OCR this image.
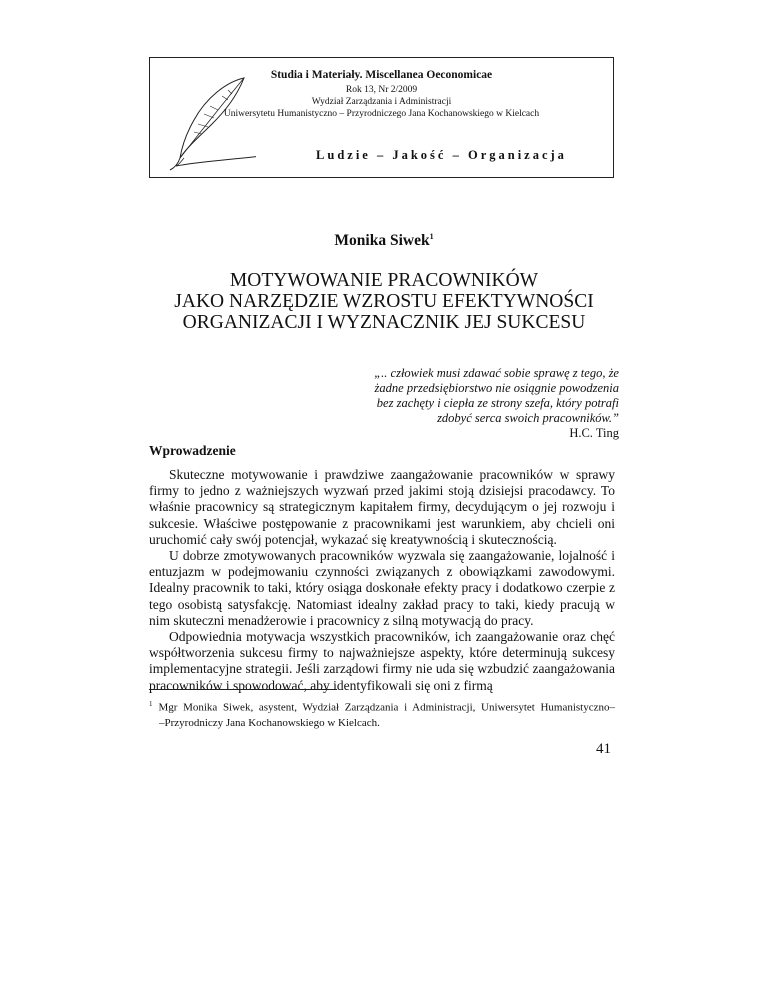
Studia i Materiały. Miscellanea Oeconomicae
Rok 13, Nr 2/2009
Wydział Zarządzania i Administracji
Uniwersytetu Humanistyczno – Przyrodniczego Jana Kochanowskiego w Kielcach
Ludzie – Jakość – Organizacja
Monika Siwek$^1$
MOTYWOWANIE PRACOWNIKÓW
JAKO NARZĘDZIE WZROSTU EFEKTYWNOŚCI
ORGANIZACJI I WYZNACZNIK JEJ SUKCESU
„.. człowiek musi zdawać sobie sprawę z tego, że
żadne przedsiębiorstwo nie osiągnie powodzenia
bez zachęty i ciepła ze strony szefa, który potrafi
zdobyć serca swoich pracowników.”
H.C. Ting
Wprowadzenie

Skuteczne motywowanie i prawdziwe zaangażowanie pracowników w sprawy firmy to jedno z ważniejszych wyzwań przed jakimi stoją dzisiejsi pracodawcy. To właśnie pracownicy są strategicznym kapitałem firmy, decydującym o jej rozwoju i sukcesie. Właściwe postępowanie z pracownikami jest warunkiem, aby chcieli oni uruchomić cały swój potencjał, wykazać się kreatywnością i skutecznością.

U dobrze zmotywowanych pracowników wyzwala się zaangażowanie, lojalność i entuzjazm w podejmowaniu czynności związanych z obowiązkami zawodowymi. Idealny pracownik to taki, który osiąga doskonałe efekty pracy i dodatkowo czerpie z tego osobistą satysfakcję. Natomiast idealny zakład pracy to taki, kiedy pracują w nim skuteczni menadżerowie i pracownicy z silną motywacją do pracy.

Odpowiednia motywacja wszystkich pracowników, ich zaangażowanie oraz chęć współtworzenia sukcesu firmy to najważniejsze aspekty, które determinują sukcesy implementacyjne strategii. Jeśli zarządowi firmy nie uda się wzbudzić zaangażowania pracowników i spowodować, aby identyfikowali się oni z firmą

$^1$ Mgr Monika Siwek, asystent, Wydział Zarządzania i Administracji, Uniwersytet Humanistyczno–
–Przyrodniczy Jana Kochanowskiego w Kielcach.
41
